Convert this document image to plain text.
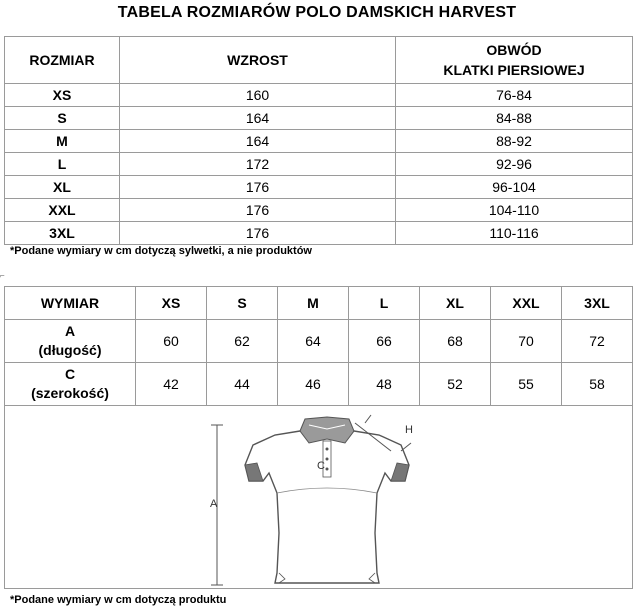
TABELA ROZMIARÓW POLO DAMSKICH HARVEST
ROZMIAR	WZROST	OBWÓD
KLATKI PIERSIOWEJ

XS	160	76-84
S	164	84-88
M	164	88-92
L	172	92-96
XL	176	96-104
XXL	176	104-110
3XL	176	110-116
*Podane wymiary w cm dotyczą sylwetki, a nie produktów
⌐
WYMIAR	XS	S	M	L	XL	XXL	3XL

A
(długość)	60	62	64	66	68	70	72

C
(szerokość)	42	44	46	48	52	55	58

A
C
H
*Podane wymiary w cm dotyczą produktu
